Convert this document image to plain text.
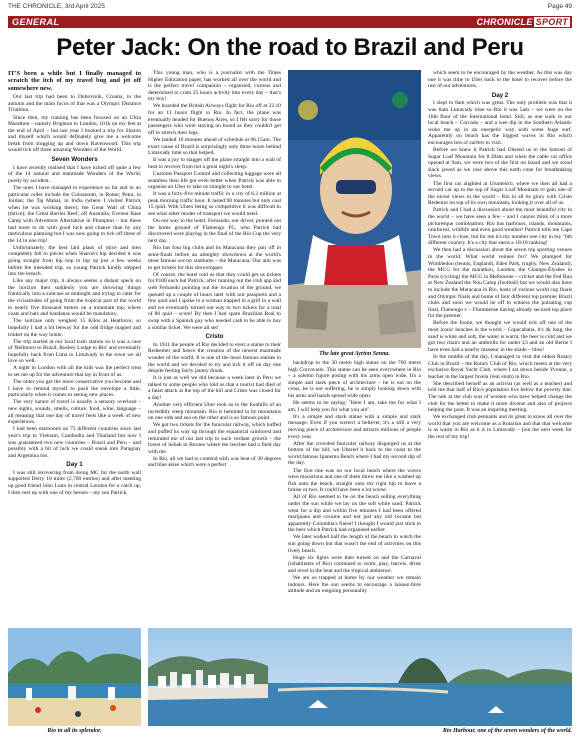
THE CHRONICLE, 3rd April 2025	Page 49
GENERAL	CHRONICLE SPORT
Peter Jack: On the road to Brazil and Peru

IT'S been a while but I finally managed to scratch the itch of my travel bug and jet off somewhere new.

Our last trip had been to Dubrovnik, Croatia, in the autumn and the main focus of that was a Olympic Distance Triathlon.

Since then, my training has been focused on an Ultra Marathon – namely Brighton to London, 101k on my feet at the end of April – but last year I booked a trip for Sharon and myself which would definately give me a welcome break from slogging up and down Ravenwood. This trip would tick off three amazing Wonders of the World.

Seven Wonders

I have recently realised that I have ticked off quite a few of the 14 natural and manmade Wonders of the World, purely by accident.

The ones I have managed to experience so far and in no particular order include the Colosseum, in Rome; Petra, in Jordan; the Taj Mahal, in India (where I visited Patrick when he was working there); the Great Wall of China (thrice); the Great Barrier Reef, off Australia; Everest Base Camp with Adventure Alternative in Plumpton – but these had more to do with good luck and chance than by any meticulous planning but I was now going to tick off three of the 14 in one trip!

Unfortunately, the best laid plans of mice and men completely fell to pieces when Sharon's hip decided it was going straight from hip hop to hip op just a few weeks before the intended trip, so young Patrick kindly stepped into the breach.

Like any major trip, it always seems a distant speck on the horizon then suddenly you are throwing things frantically into a suitcase at midnight and trying to cater for the vicissitudes of going from the tropical part of the world to nearly five thousand metres on a mountain top, where coats and hats and bandanas would be mandatory.

The suitcase only weighed 15 Kilos at Heathrow, so hopefully I had a bit leeway for the odd fridge magnet and trinket on the way home.

The trip started at our local train station so it was a case of 'Bellmoro to Brazil, Rusbey Lodge to Rio' and eventually hopefully back from Lima to Limavady in the town we all love so well.

A night in London with all the kids was the perfect treat to set me up for the adventure that lay in front of us.

The older you get the more conservative you become and I have to remind myself to push the envelope a little, particularly when it comes to seeing new places.

The very nature of travel is usually a sensory overload – new sights, sounds, smells, culture, food, wine, language – all meaning that one day of travel feels like a week of new experiences.

I had been marooned on 75 different countries since last year's trip to Vietnam, Cambodia and Thailand but now I was guaranteed two new countries – Brazil and Peru – and possibly with a bit of luck we could sneak into Paraguay and Argentina too.

Day 1

I was still recovering from doing MC for the north wall supported Derry 10 miler (2,700 entries) and after meeting up good friend John Lunn in central London for a catch up, I then met up with one of my heroes – my son Patrick.

This young man, who is a journalist with the Times Higher Education paper, has worked all over the world and is the perfect travel companion – organised, curious and determined to cram 25 hours activity into every day – that's my boy!

We boarded the British Airways flight for Rio off at 22.10 for an 11 hours flight to Rio. In fact, the plane was eventually headed for Buenos Aires, so I felt sorry for those passengers who were staying on board as they couldn't get off to stretch their legs.

We landed 10 minutes ahead of schedule at 06.15am. The exact cause of Brazil is surprisingly only three hours behind Limavady time so that helped.

It was a joy to stagger off the plane straight into a wall of heat to recover from not a great night's sleep.

Customs Passport Control and collecting luggage were all seamless then life got even better when Patrick was able to organise an Uber to take us straight to our hotel.

It was a forty-five minute traffic in a city of 6.2 million at peak morning traffic hour. It lasted 90 minutes but only cost 15 quid. With Ubers being so competitive it was difficult to see what other modes of transport we would need.

On our way to the hotel, Fernando, our driver, pointed out the home ground of Flamengo FC, who Patrick had discovered were playing in the final of the Rio Cup the very next day.

Rio has four big clubs and its Maracana they pair off in semi-finals before an almighty showdown at the world's most famous soccer stadiums – the Maracana. Our aim was to get tickets for this showstopper.

Of course, the hotel told us that they could get us tickets for €100 each but Patrick, after running out the club app and web Fernando pointing out the location of the ground, we queued up a couple of hours later with our passports and a few quid and I spoke to a woman trapped in a grill in a wall and we eventually turned out way to two tickets for a total of 80 quid – score! By then I had spare Brazilian Real to swap with a Spanish guy who needed cash to be able to buy a similar ticket. We were all set!

Cristo

In 1931 the people of Rio decided to erect a statue to their Redeemer and hence the creation of the newest manmade wonder of the world. It is one of the most famous statues in the world and we decided to try and tick it off on day one despite feeling fairly jaunty drunk.

It is just as well we did because a week later in Peru we talked to some people who told us that a tourist had died of a heart attack at the top of the hill and Cristo was closed for a day!

Another very efficient Uber took us to the foothills of an incredibly steep mountain. Rio is hemmed in by mountains on one side and sea on the other and is so famous point.

We got two tickets for the funicular railway, which huffed and puffed its way up through the equatorial rainforest and reminded me of our last trip to such verdant growth – the forest of Sebah in Borneo where the leeches had a field day with me.

In Rio, all we had to contend with was heat of 30 degrees and blue skies which were a perfect

The late great Ayrton Senna.

backdrop to the 30 metre high statue on the 700 metre high Corcovado. This statue can be seen everywhere in Rio – a solemn figure posing with his arms open wide. It's a simple and stark piece of architecture – he is not on the cross, he is not suffering, he is simply looking down with his arms and hands spread wide open.

He seems to be saying: "Here I am, take me for what I am, I will help you for what you are".

It's a simple and stark statue with a simple and stark message. Even if you weren't a believer, it's a still a very moving piece of architecture and attracts millions of people every year.

After the crowded funicular railway disgorged us at the bottom of the hill, we Ubered it back to the coast to the world famous Ipanema Beach where I had my second dip of the day.

The first one was on our local beach where the waves were monstrous and one of them threw me like a washed up fish onto the beach, straight onto my right hip to leave a bruise or two. It could have been a lot worse.

All of Rio seemed to be on the beach selling everything under the sun while we lay on the soft white sand. Patrick went for a dip and within five minutes I had been offered marijuana and cocaine and not just any old cocaine but apparently Colombia's finest! I thought I would just stick to the beer which Patrick had organised earlier.

We later walked half the length of the beach to watch the sun going down but that wasn't the end of activities on this lively beach.

Huge six lights were then turned on and the Carnaval (inhabitants of Rio) continued to swim, play, barrow, drink and revel in the heat and the tropical ambience.

We are so trapped at home by our weather we remain indoors. Here the sun seems to encourage a laissez-faire attitude and an outgoing personality

which seem to be encouraged by the weather. As this was day one it was time to Uber back to the hotel to recover before the rest of our adventures.

Day 2

I slept to 8am which was great. The only problem was that it was 8am Limavady time so Rio it was 5am – we were on the 16th floor of the International hotel. Still, as one walk to our local beach – Corcado – and a wee dip in the Southern Atlantic woke me up in an energetic way with some huge surf. Apparently on beach has the biggest waves in Rio which encourages lots of surfers to visit.

Before we knew it Patrick had Ubered us to the bottom of Sugar Loaf Mountain for 8.30am and when the cable car office opened at 9am, we were two of the first on board and we stood slack jawed as we rose above this earth cone for breathtaking views.

The first car alighted at Urumeirro, where we then all had a second car up to the top of Sugar Loaf Mountain to gain one of the nicest views in the world – Rio in all its glory with Cristo Redentor on top of its own mountain, looking it over all of us.

Patrick and I had a discussion about the most beautiful city in the world – we have seen a few – and I cannot think of a more picturesque combination: Rio has harbours, islands, mountains, rainforest, wildlife and even good weather! Patrick tells me Cape Town runs it close, but for me it's my number one city in my "6th different country. It's a city that earns a 10/10 ranking!

We then had a discussion about the seven top sporting venues in the world. What world venues for? We plumped for Wimbledon (tennis, England), Eden Park, (rugby, New Zealand), the MCG for the marathon, London, the Champs-Élysées in Paris (cycling) the MCG in Melbourne – cricket and the Fed Ruu at New Zealand the Nou Camp (football) but we would also have to include the Maracana in Rio, hosts of various world cup finals and Olympic finals and home of four different top premier Brazil clubs and soon we would be off to witness the pulsating cup final, Flamengo v – Fluminense having already secured top place for the premier.

Before the footie, we thought we would tick off one of the most iconic beaches in the world – Copacabana, it's 4k long, the sand is white and soft, the water is warm, the beer is cold and we got two chairs and an umbrella for under £3 and an old Bertie I have even had a nearby masseur in the shade – bliss!

In the middle of the day, I managed to visit the oldest Rotary Club in Brazil – the Rotary Club of Rio, which meets at the very exclusive Royal Yacht Club, where I sat down beside Yvonne, a teacher in the largest favela (real slum) in Rio.

She described herself as an activist (as well as a teacher) and told me that half of Rio's population live below the poverty line. The talk at the club was of women who have helped change the club for the better to make it more diverse and also of projects helping the poor. It was an inspiring meeting.

We exchanged club pennants and its great to know all over the world that you are welcome as a Rotarian and that that welcome is as warm in Rio as it is in Limavady – join me next week for the rest of my trip!

Rio in all its splendor.	Rio Harbour, one of the seven wonders of the world.
